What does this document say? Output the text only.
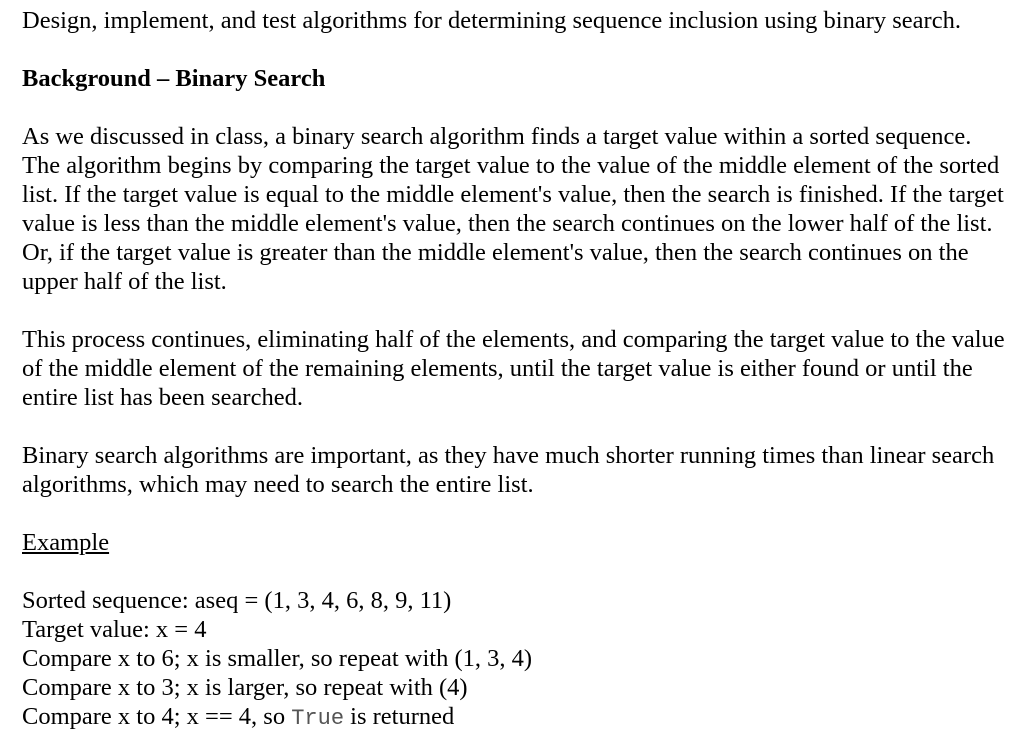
Design, implement, and test algorithms for determining sequence inclusion using binary search.

Background – Binary Search

As we discussed in class, a binary search algorithm finds a target value within a sorted sequence. The algorithm begins by comparing the target value to the value of the middle element of the sorted list. If the target value is equal to the middle element's value, then the search is finished. If the target value is less than the middle element's value, then the search continues on the lower half of the list. Or, if the target value is greater than the middle element's value, then the search continues on the upper half of the list.

This process continues, eliminating half of the elements, and comparing the target value to the value of the middle element of the remaining elements, until the target value is either found or until the entire list has been searched.

Binary search algorithms are important, as they have much shorter running times than linear search algorithms, which may need to search the entire list.

Example

Sorted sequence: aseq = (1, 3, 4, 6, 8, 9, 11)

Target value: x = 4

Compare x to 6; x is smaller, so repeat with (1, 3, 4)

Compare x to 3; x is larger, so repeat with (4)

Compare x to 4; x == 4, so True is returned
